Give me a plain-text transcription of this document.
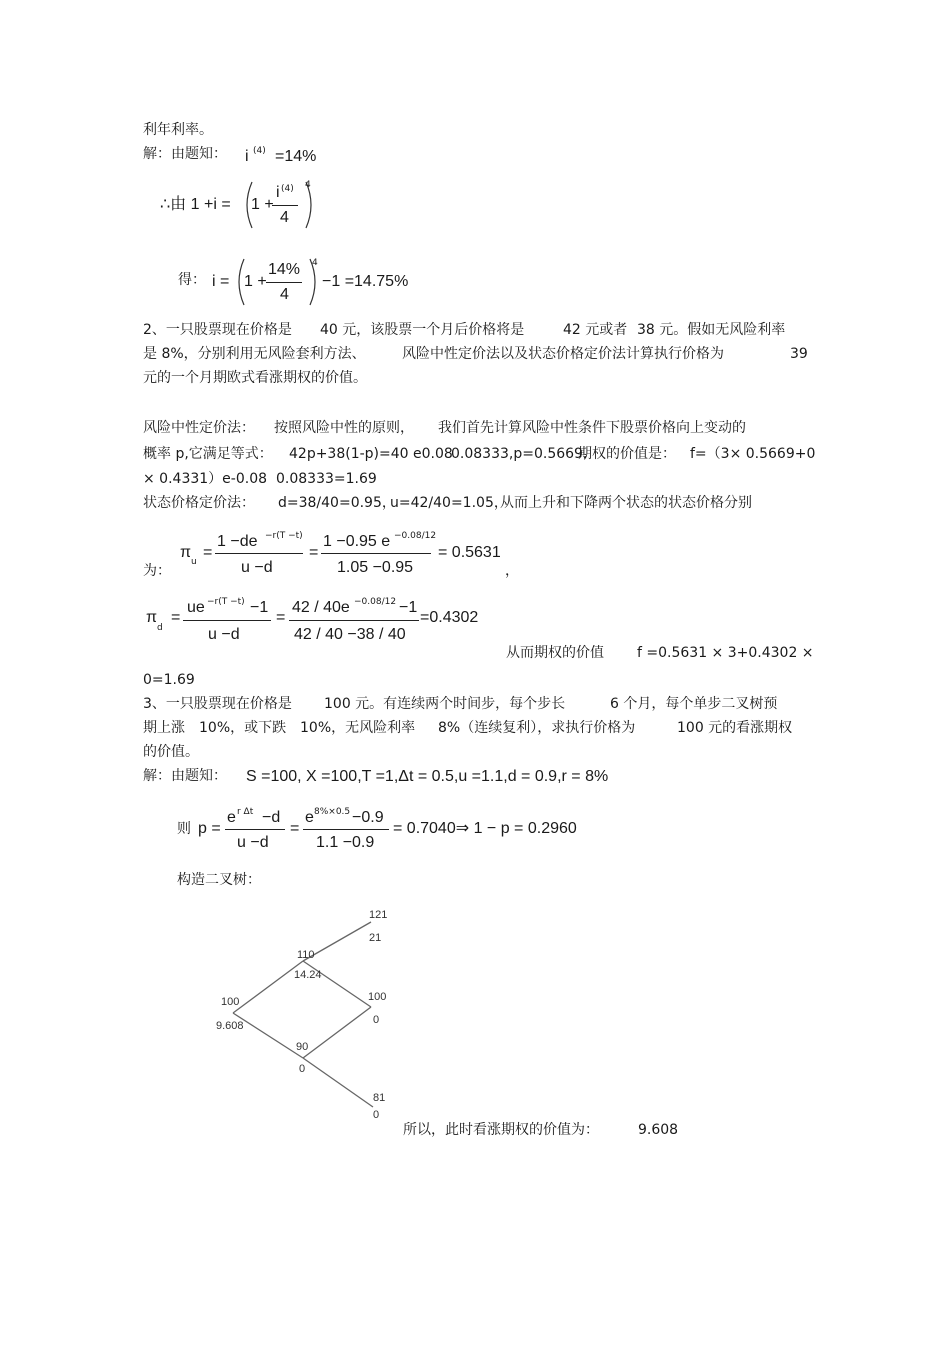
利年利率。
解：由题知： i (4) =14%
∴由 1 +i = 1 +
i (4)
4
4
得： i = 1 +
14%
4
4
−1 =14.75%
2、一只股票现在价格是 40 元，该股票一个月后价格将是	42 元或者 38 元。假如无风险利率
是 8%，分别利用无风险套利方法、	风险中性定价法以及状态价格定价法计算执行价格为	39
元的一个月期欧式看涨期权的价值。
风险中性定价法： 按照风险中性的原则， 我们首先计算风险中性条件下股票价格向上变动的
概率 p,它满足等式： 42p+38(1-p)=40 e0.08
0.08333,p=0.5669,
期权的价值是： f=（3× 0.5669+0
× 0.4331）e-0.08 0.08333=1.69
状态价格定价法： d=38/40=0.95，
u=42/40=1.05，
从而上升和下降两个状态的状态价格分别
为：
π
u
=
1 −de −r(T −t)
u −d
=
1 −0.95 e −0.08/12
1.05 −0.95
= 0.5631
，
π
d
=
ue −r(T −t) −1
u −d
=
42 / 40e −0.08/12 −1
42 / 40 −38 / 40
=0.4302
从而期权的价值 f =0.5631 × 3+0.4302 ×
0=1.69
3、一只股票现在价格是 100 元。有连续两个时间步，每个步长	6 个月，每个单步二叉树预
期上涨 10%，或下跌 10%，无风险利率 8%（连续复利），求执行价格为	100 元的看涨期权
的价值。
解：由题知： S =100, X =100,T =1,Δt = 0.5,u =1.1,d = 0.9,r = 8%
则 p =
e r Δt −d
u −d
=
e 8%×0.5 −0.9
1.1 −0.9
= 0.7040⇒ 1 − p = 0.2960
构造二叉树：
100
9.608
110
14.24
90
0
121
21
100
0
81
0
所以，此时看涨期权的价值为：	9.608
